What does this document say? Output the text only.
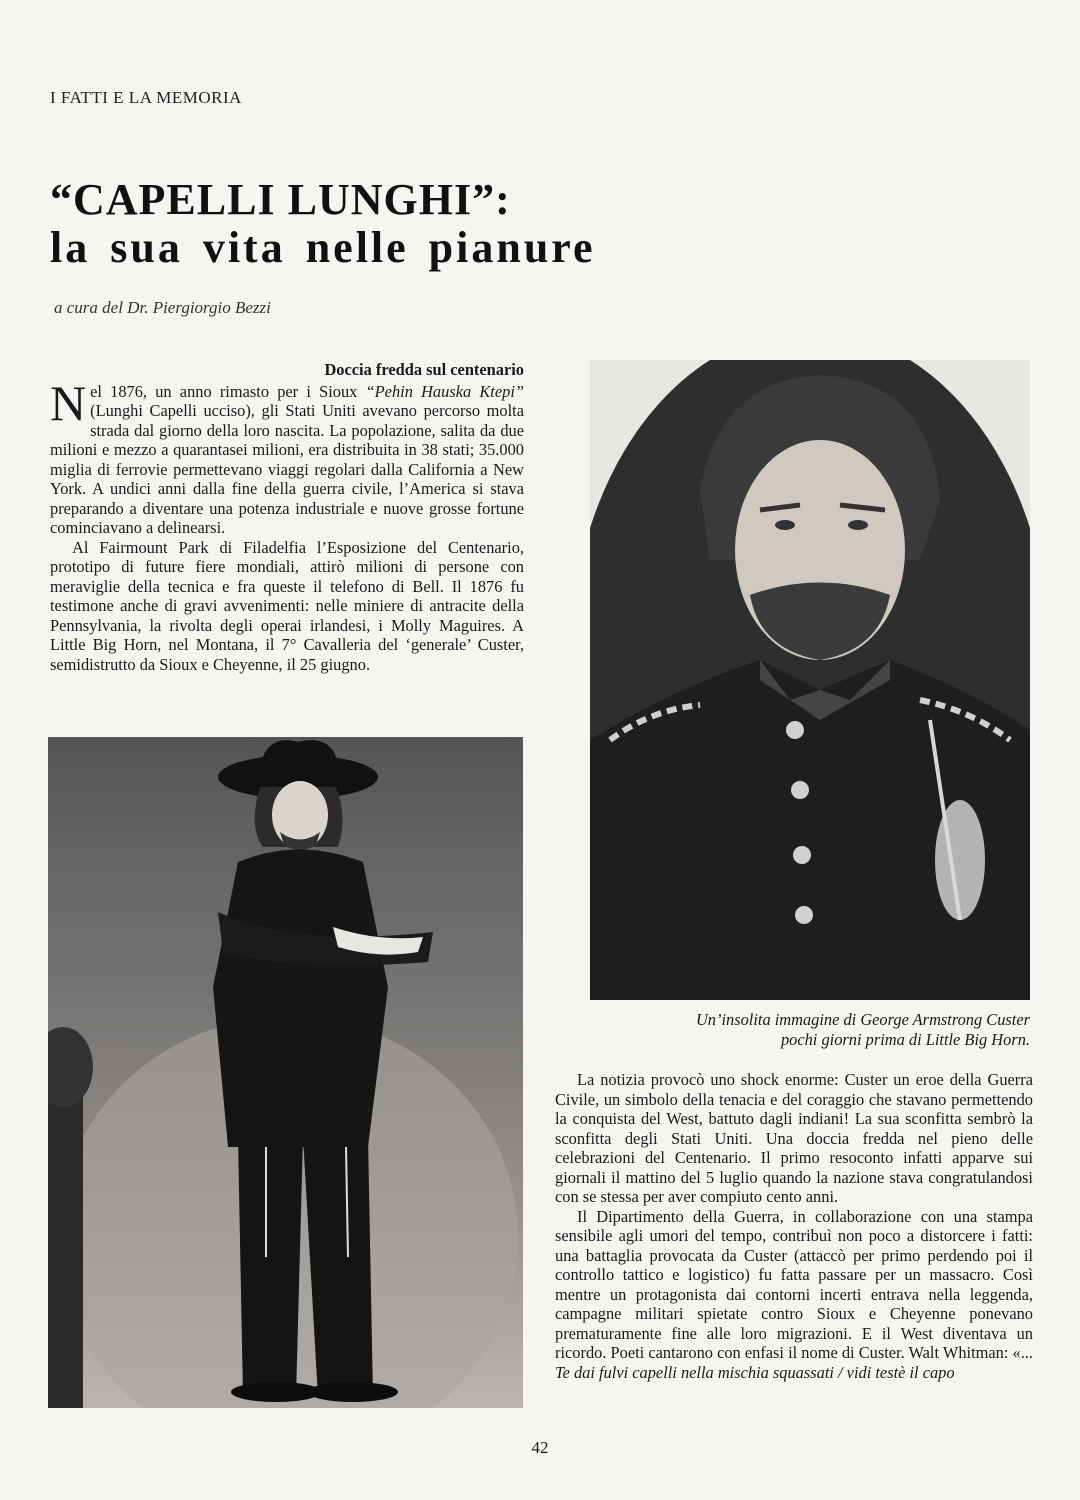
I FATTI E LA MEMORIA
“CAPELLI LUNGHI”:
la sua vita nelle pianure
a cura del Dr. Piergiorgio Bezzi
Doccia fredda sul centenario

Nel 1876, un anno rimasto per i Sioux “Pehin Hauska Ktepi” (Lunghi Capelli ucciso), gli Stati Uniti avevano percorso molta strada dal giorno della loro nascita. La popolazione, salita da due milioni e mezzo a quarantasei milioni, era distribuita in 38 stati; 35.000 miglia di ferrovie permettevano viaggi regolari dalla California a New York. A undici anni dalla fine della guerra civile, l’America si stava preparando a diventare una potenza industriale e nuove grosse fortune cominciavano a delinearsi.

Al Fairmount Park di Filadelfia l’Esposizione del Centenario, prototipo di future fiere mondiali, attirò milioni di persone con meraviglie della tecnica e fra queste il telefono di Bell. Il 1876 fu testimone anche di gravi avvenimenti: nelle miniere di antracite della Pennsylvania, la rivolta degli operai irlandesi, i Molly Maguires. A Little Big Horn, nel Montana, il 7° Cavalleria del ‘generale’ Custer, semidistrutto da Sioux e Cheyenne, il 25 giugno.

Un’insolita immagine di George Armstrong Custer
pochi giorni prima di Little Big Horn.

La notizia provocò uno shock enorme: Custer un eroe della Guerra Civile, un simbolo della tenacia e del coraggio che stavano permettendo la conquista del West, battuto dagli indiani! La sua sconfitta sembrò la sconfitta degli Stati Uniti. Una doccia fredda nel pieno delle celebrazioni del Centenario. Il primo resoconto infatti apparve sui giornali il mattino del 5 luglio quando la nazione stava congratulandosi con se stessa per aver compiuto cento anni.

Il Dipartimento della Guerra, in collaborazione con una stampa sensibile agli umori del tempo, contribuì non poco a distorcere i fatti: una battaglia provocata da Custer (attaccò per primo perdendo poi il controllo tattico e logistico) fu fatta passare per un massacro. Così mentre un protagonista dai contorni incerti entrava nella leggenda, campagne militari spietate contro Sioux e Cheyenne ponevano prematuramente fine alle loro migrazioni. E il West diventava un ricordo. Poeti cantarono con enfasi il nome di Custer. Walt Whitman: «... Te dai fulvi capelli nella mischia squassati / vidi testè il capo

42
